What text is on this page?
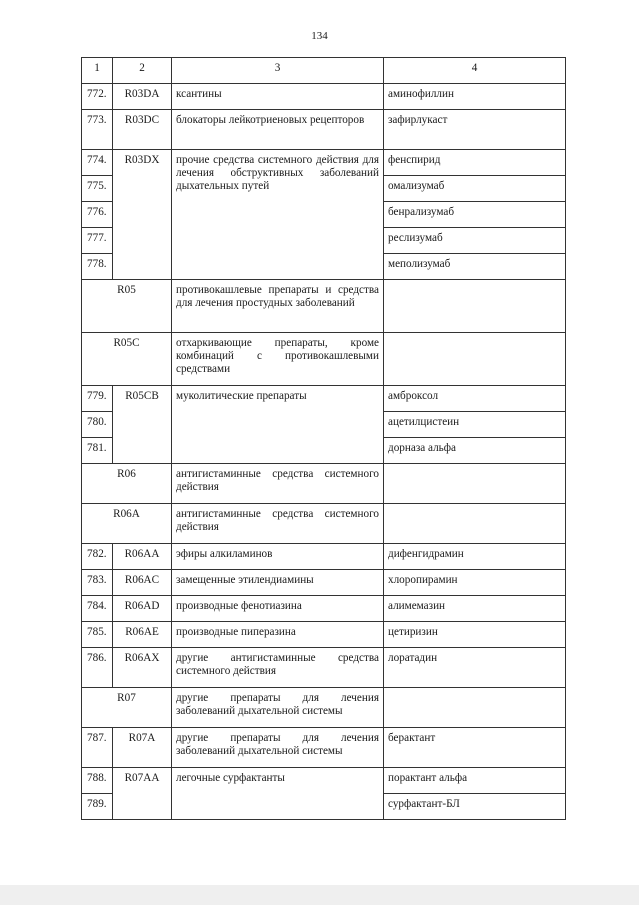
134
1	2	3	4
772.	R03DA	ксантины	аминофиллин
773.	R03DC	блокаторы лейкотриеновых рецепторов	зафирлукаст
774.	R03DX	прочие средства системного действия для лечения обструктивных заболеваний дыхательных путей	фенспирид
775.			омализумаб
776.			бенрализумаб
777.			реслизумаб
778.			меполизумаб
R05		противокашлевые препараты и средства для лечения простудных заболеваний	
R05C		отхаркивающие препараты, кроме комбинаций с противокашлевыми средствами	
779.	R05CB	муколитические препараты	амброксол
780.			ацетилцистеин
781.			дорназа альфа
R06		антигистаминные средства системного действия	
R06A		антигистаминные средства системного действия	
782.	R06AA	эфиры алкиламинов	дифенгидрамин
783.	R06AC	замещенные этилендиамины	хлоропирамин
784.	R06AD	производные фенотиазина	алимемазин
785.	R06AE	производные пиперазина	цетиризин
786.	R06AX	другие антигистаминные средства системного действия	лоратадин
R07		другие препараты для лечения заболеваний дыхательной системы	
787.	R07A	другие препараты для лечения заболеваний дыхательной системы	берактант
788.	R07AA	легочные сурфактанты	порактант альфа
789.			сурфактант-БЛ
